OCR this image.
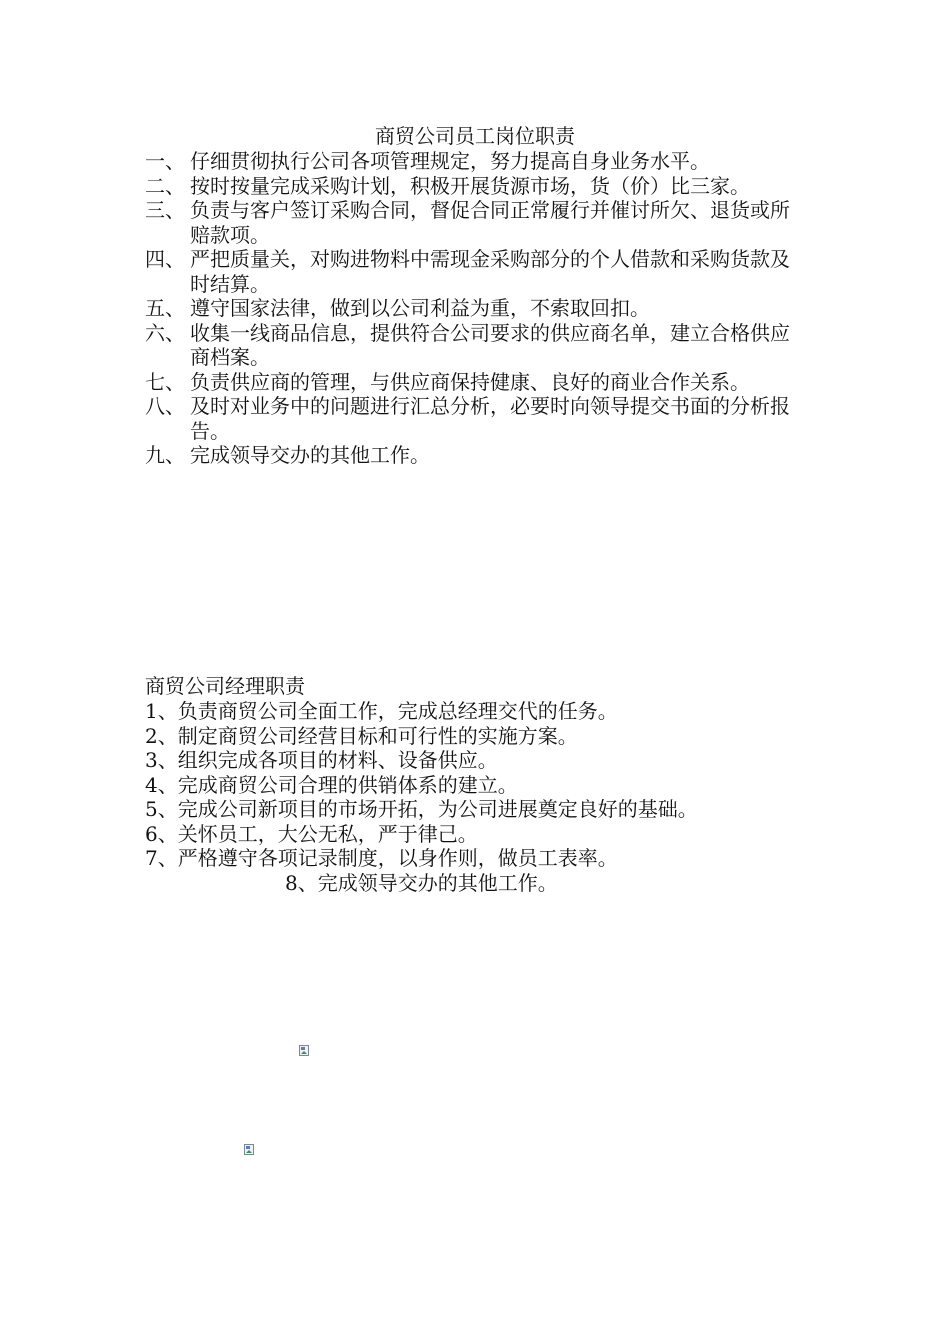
商贸公司员工岗位职责
一、 仔细贯彻执行公司各项管理规定，努力提高自身业务水平。
二、 按时按量完成采购计划，积极开展货源市场，货（价）比三家。
三、 负责与客户签订采购合同，督促合同正常履行并催讨所欠、退货或所赔款项。
四、 严把质量关，对购进物料中需现金采购部分的个人借款和采购货款及时结算。
五、 遵守国家法律，做到以公司利益为重，不索取回扣。
六、 收集一线商品信息，提供符合公司要求的供应商名单，建立合格供应商档案。
七、 负责供应商的管理，与供应商保持健康、良好的商业合作关系。
八、 及时对业务中的问题进行汇总分析，必要时向领导提交书面的分析报告。
九、 完成领导交办的其他工作。
商贸公司经理职责
1、负责商贸公司全面工作，完成总经理交代的任务。
2、制定商贸公司经营目标和可行性的实施方案。
3、组织完成各项目的材料、设备供应。
4、完成商贸公司合理的供销体系的建立。
5、完成公司新项目的市场开拓，为公司进展奠定良好的基础。
6、关怀员工，大公无私，严于律己。
7、严格遵守各项记录制度，以身作则，做员工表率。
8、完成领导交办的其他工作。
